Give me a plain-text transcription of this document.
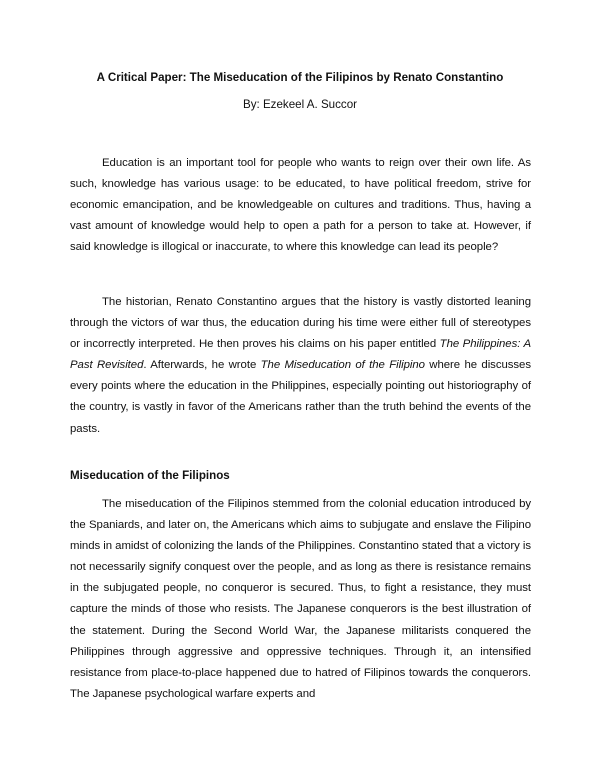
A Critical Paper: The Miseducation of the Filipinos by Renato Constantino
By: Ezekeel A. Succor

Education is an important tool for people who wants to reign over their own life. As such, knowledge has various usage: to be educated, to have political freedom, strive for economic emancipation, and be knowledgeable on cultures and traditions. Thus, having a vast amount of knowledge would help to open a path for a person to take at. However, if said knowledge is illogical or inaccurate, to where this knowledge can lead its people?

The historian, Renato Constantino argues that the history is vastly distorted leaning through the victors of war thus, the education during his time were either full of stereotypes or incorrectly interpreted. He then proves his claims on his paper entitled The Philippines: A Past Revisited. Afterwards, he wrote The Miseducation of the Filipino where he discusses every points where the education in the Philippines, especially pointing out historiography of the country, is vastly in favor of the Americans rather than the truth behind the events of the pasts.

Miseducation of the Filipinos

The miseducation of the Filipinos stemmed from the colonial education introduced by the Spaniards, and later on, the Americans which aims to subjugate and enslave the Filipino minds in amidst of colonizing the lands of the Philippines. Constantino stated that a victory is not necessarily signify conquest over the people, and as long as there is resistance remains in the subjugated people, no conqueror is secured. Thus, to fight a resistance, they must capture the minds of those who resists. The Japanese conquerors is the best illustration of the statement. During the Second World War, the Japanese militarists conquered the Philippines through aggressive and oppressive techniques. Through it, an intensified resistance from place-to-place happened due to hatred of Filipinos towards the conquerors. The Japanese psychological warfare experts and
